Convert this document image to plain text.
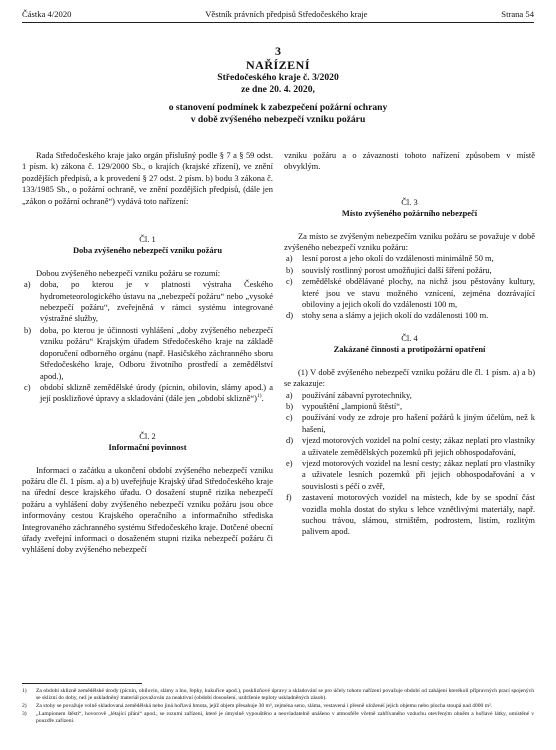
Částka 4/2020	Věstník právních předpisů Středočeského kraje	Strana 54
3
NAŘÍZENÍ
Středočeského kraje č. 3/2020
ze dne 20. 4. 2020,
o stanovení podmínek k zabezpečení požární ochrany
v době zvýšeného nebezpečí vzniku požáru

Rada Středočeského kraje jako orgán příslušný podle § 7 a § 59 odst. 1 písm. k) zákona č. 129/2000 Sb., o krajích (krajské zřízení), ve znění pozdějších předpisů, a k provedení § 27 odst. 2 písm. b) bodu 3 zákona č. 133/1985 Sb., o požární ochraně, ve znění pozdějších předpisů, (dále jen „zákon o požární ochraně“) vydává toto nařízení:

Čl. 1

Doba zvýšeného nebezpečí vzniku požáru

Dobou zvýšeného nebezpečí vzniku požáru se rozumí:

a)	doba, po kterou je v platnosti výstraha Českého hydrometeorologického ústavu na „nebezpečí požáru“ nebo „vysoké nebezpečí požáru“, zveřejněná v rámci systému integrované výstražné služby,
b)	doba, po kterou je účinnosti vyhlášení „doby zvýšeného nebezpečí vzniku požáru“ Krajským úřadem Středočeského kraje na základě doporučení odborného orgánu (např. Hasičského záchranného sboru Středočeského kraje, Odboru životního prostředí a zemědělství apod.),
c)	období sklizně zemědělské úrody (pícnin, obilovin, slámy apod.) a její posklizňové úpravy a skladování (dále jen „období sklizně“)$^{1)}$.

Čl. 2

Informační povinnost

Informaci o začátku a ukončení období zvýšeného nebezpečí vzniku požáru dle čl. 1 písm. a) a b) uveřejňuje Krajský úřad Středočeského kraje na úřední desce krajského úřadu. O dosažení stupně rizika nebezpečí požáru a vyhlášení doby zvýšeného nebezpečí vzniku požáru jsou obce informovány cestou Krajského operačního a informačního střediska Integrovaného záchranného systému Středočeského kraje. Dotčené obecní úřady zveřejní informaci o dosaženém stupni rizika nebezpečí požáru či vyhlášení doby zvýšeného nebezpečí

vzniku požáru a o závaznosti tohoto nařízení způsobem v místě obvyklým.

Čl. 3

Místo zvýšeného požárního nebezpečí

Za místo se zvýšeným nebezpečím vzniku požáru se považuje v době zvýšeného nebezpečí vzniku požáru:

a)	lesní porost a jeho okolí do vzdálenosti minimálně 50 m,
b)	souvislý rostlinný porost umožňující další šíření požáru,
c)	zemědělské obdělávané plochy, na nichž jsou pěstovány kultury, které jsou ve stavu možného vznícení, zejména dozrávající obiloviny a jejich okolí do vzdálenosti 100 m,
d)	stohy sena a slámy a jejich okolí do vzdálenosti 100 m.

Čl. 4

Zakázané činnosti a protipožární opatření

(1) V době zvýšeného nebezpečí vzniku požáru dle čl. 1 písm. a) a b) se zakazuje:

a)	používání zábavní pyrotechniky,
b)	vypouštění „lampionů štěstí“,
c)	používání vody ze zdroje pro hašení požárů k jiným účelům, než k hašení,
d)	vjezd motorových vozidel na polní cesty; zákaz neplatí pro vlastníky a uživatele zemědělských pozemků při jejich obhospodařování,
e)	vjezd motorových vozidel na lesní cesty; zákaz neplatí pro vlastníky a uživatele lesních pozemků při jejich obhospodařování a v souvislosti s péčí o zvěř,
f)	zastavení motorových vozidel na místech, kde by se spodní část vozidla mohla dostat do styku s lehce vznětlivými materiály, např. suchou trávou, slámou, strništěm, podrostem, listím, rozlitým palivem apod.
1)	Za období sklizně zemědělské úrody (pícnin, obilovin, slámy a lnu, řepky, kukuřice apod.), posklizňové úpravy a skladování se pro účely tohoto nařízení považuje období od zahájení kterékoli přípravných prací spojených se sklizní do doby, než je uskladněný materiál považován za neaktivní (období dosoušení, uzdrženie teploty uskladněných zásob).
2)	Za stohy se považuje volně skladovaná zemědělská nebo jiná hořlavá hmota, jejíž objem přesahuje 30 m³, zejména seno, sláma, vestavená i přesně uloženéí jejich objemu nebo plocha stoupá nad 4000 m².
3)	„Lampionem štěstí“, hovorově „létající přání“ apod., se rozumí zařízení, které je úmyslně vypouštěno a neovladatelně unášeno v atmosféře včetně zahřívaného vzduchu otevřeným ohněm a hořlavé látky, umístěné v pouzdře zařízení.
